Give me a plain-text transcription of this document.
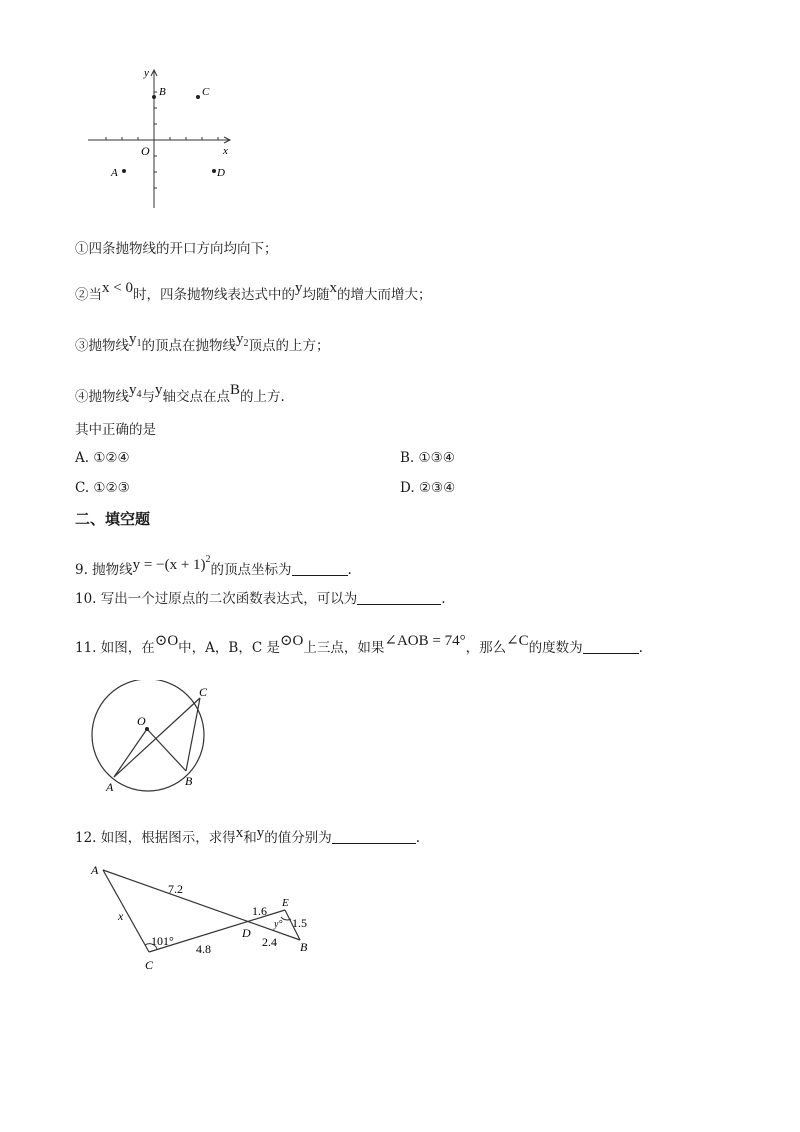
y
x
O
B	C
A	D
①四条抛物线的开口方向均向下；
②当x < 0时，四条抛物线表达式中的y均随x的增大而增大；
③抛物线$y_1$的顶点在抛物线$y_2$顶点的上方；
④抛物线$y_4$与y轴交点在点B的上方.
其中正确的是
A. ①②④	B. ①③④
C. ①②③	D. ②③④
二、填空题
9. 抛物线$y = -(x + 1)^2$的顶点坐标为	.
10. 写出一个过原点的二次函数表达式，可以为	.
11. 如图，在⊙O中，A，B，C 是⊙O上三点，如果∠AOB = 74°，那么∠C的度数为	.
O
A	B
C
12. 如图，根据图示，求得x和y的值分别为	.
A
C
D
E
B
7.2
x
101°
4.8
1.6
y° 1.5
2.4
